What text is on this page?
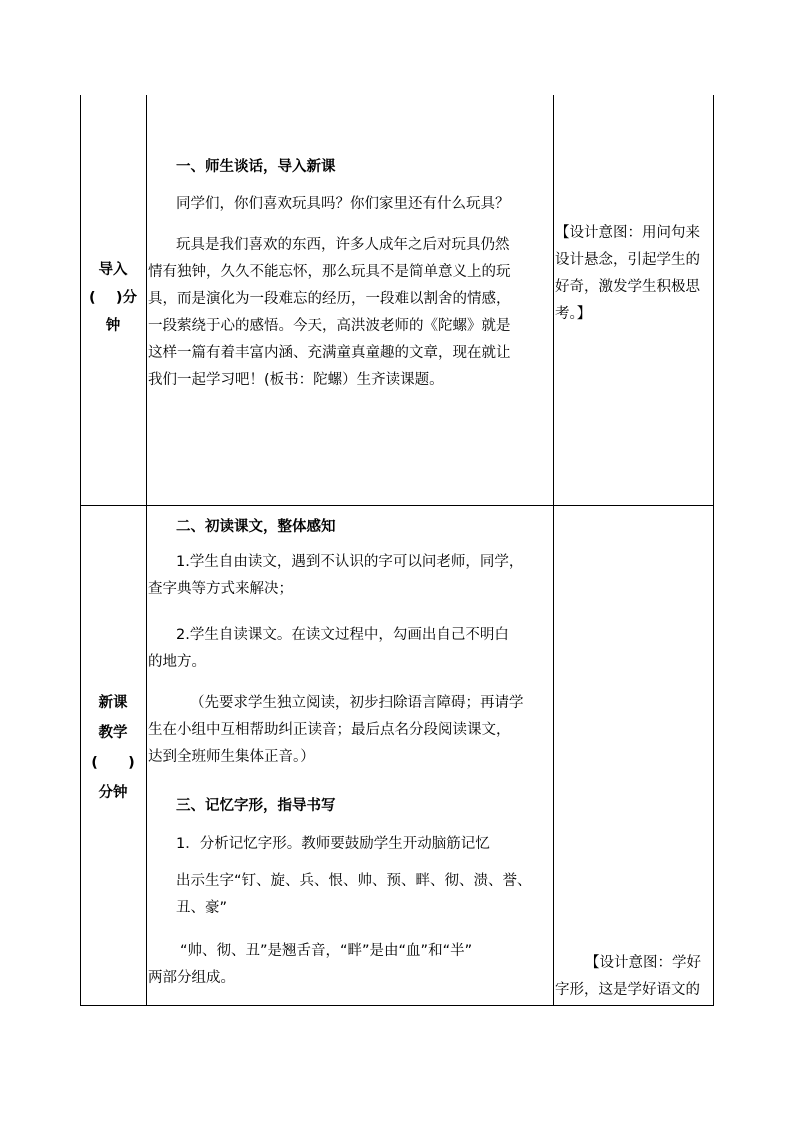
导入
(    )分
钟
一、师生谈话，导入新课
同学们，你们喜欢玩具吗？你们家里还有什么玩具？
玩具是我们喜欢的东西，许多人成年之后对玩具仍然
情有独钟，久久不能忘怀，那么玩具不是简单意义上的玩
具，而是演化为一段难忘的经历，一段难以割舍的情感，
一段萦绕于心的感悟。今天，高洪波老师的《陀螺》就是
这样一篇有着丰富内涵、充满童真童趣的文章，现在就让
我们一起学习吧！(板书：陀螺）生齐读课题。
【设计意图：用问句来
设计悬念，引起学生的
好奇，激发学生积极思
考。】
新课
教学
(      )
分钟
二、初读课文，整体感知
1.学生自由读文，遇到不认识的字可以问老师，同学，
查字典等方式来解决；
2.学生自读课文。在读文过程中，勾画出自己不明白
的地方。
（先要求学生独立阅读，初步扫除语言障碍；再请学
生在小组中互相帮助纠正读音；最后点名分段阅读课文，
达到全班师生集体正音。）
三、记忆字形，指导书写
1．分析记忆字形。教师要鼓励学生开动脑筋记忆
出示生字“钉、旋、兵、恨、帅、预、畔、彻、溃、誉、
丑、豪”
“帅、彻、丑”是翘舌音，“畔”是由“血”和“半”
两部分组成。
【设计意图：学好
字形，这是学好语文的
